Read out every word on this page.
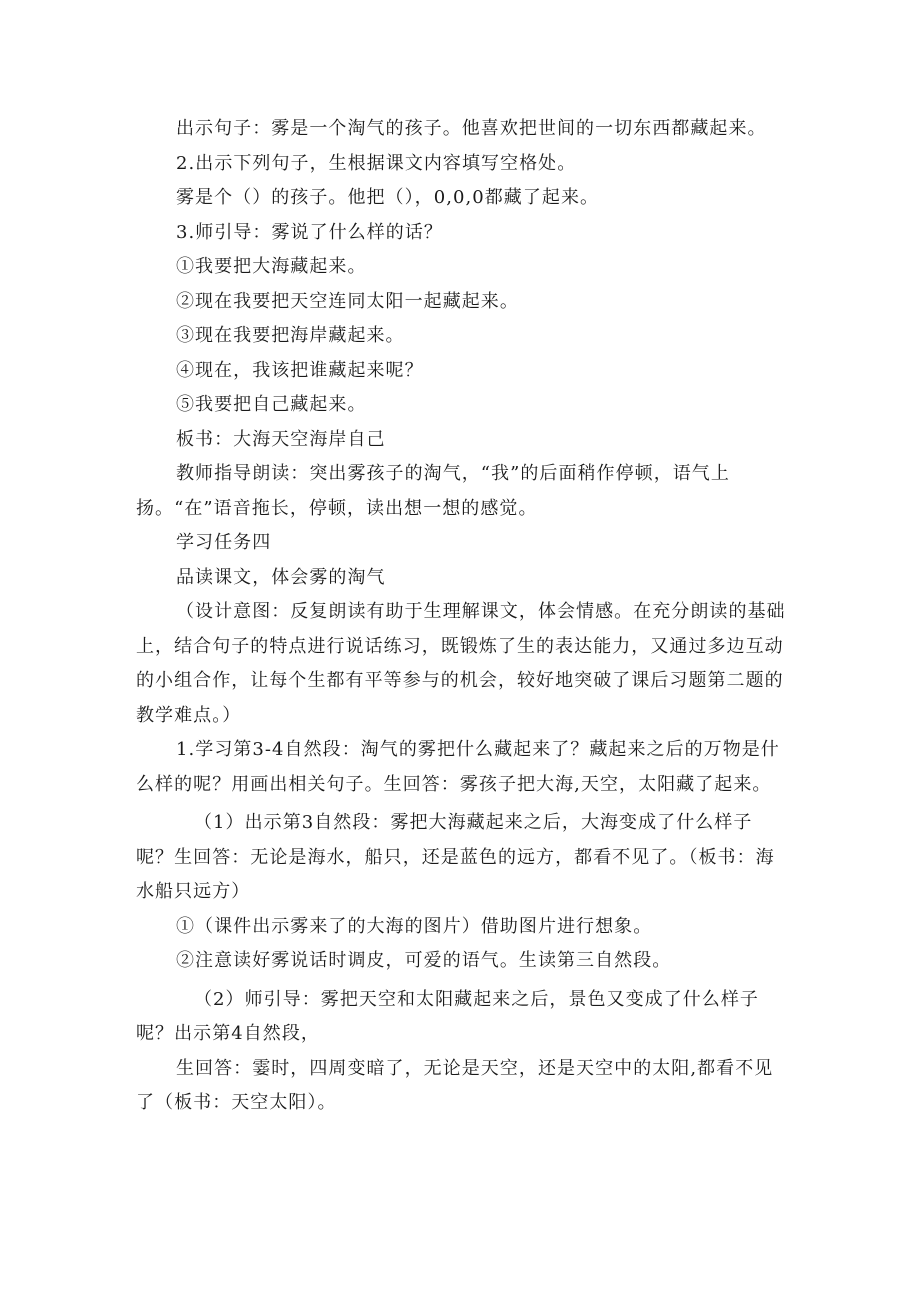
出示句子：雾是一个淘气的孩子。他喜欢把世间的一切东西都藏起来。

2.出示下列句子，生根据课文内容填写空格处。

雾是个（）的孩子。他把（），0,0,0都藏了起来。

3.师引导：雾说了什么样的话？

①我要把大海藏起来。

②现在我要把天空连同太阳一起藏起来。

③现在我要把海岸藏起来。

④现在，我该把谁藏起来呢？

⑤我要把自己藏起来。

板书：大海天空海岸自己

教师指导朗读：突出雾孩子的淘气，“我”的后面稍作停顿，语气上扬。“在”语音拖长，停顿，读出想一想的感觉。

学习任务四

品读课文，体会雾的淘气

（设计意图：反复朗读有助于生理解课文，体会情感。在充分朗读的基础上，结合句子的特点进行说话练习，既锻炼了生的表达能力，又通过多边互动的小组合作，让每个生都有平等参与的机会，较好地突破了课后习题第二题的教学难点。）

1.学习第3-4自然段：淘气的雾把什么藏起来了？藏起来之后的万物是什么样的呢？用画出相关句子。生回答：雾孩子把大海,天空，太阳藏了起来。

（1）出示第3自然段：雾把大海藏起来之后，大海变成了什么样子呢？生回答：无论是海水，船只，还是蓝色的远方，都看不见了。（板书：海水船只远方）

①（课件出示雾来了的大海的图片）借助图片进行想象。

②注意读好雾说话时调皮，可爱的语气。生读第三自然段。

（2）师引导：雾把天空和太阳藏起来之后，景色又变成了什么样子呢？出示第4自然段，

生回答：霎时，四周变暗了，无论是天空，还是天空中的太阳,都看不见了（板书：天空太阳）。
